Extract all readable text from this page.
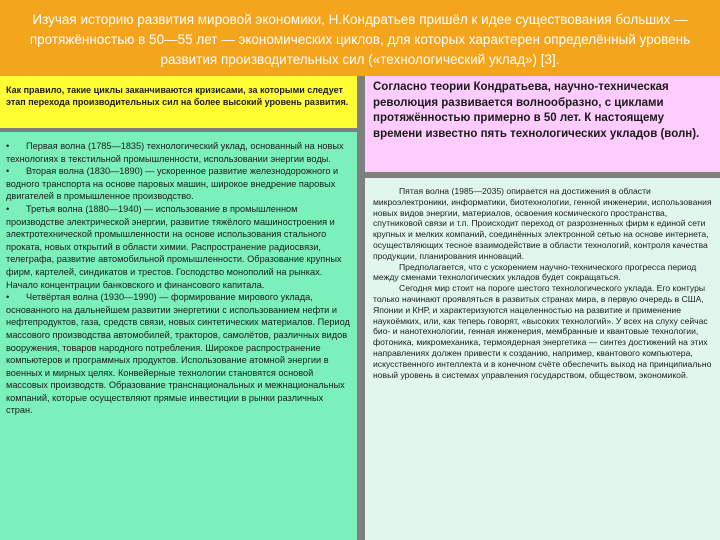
Изучая историю развития мировой экономики, Н.Кондратьев пришёл к идее существования больших — протяжённостью в 50—55 лет — экономических циклов, для которых характерен определённый уровень развития производительных сил («технологический уклад») [3].

Как правило, такие циклы заканчиваются кризисами, за которыми следует этап перехода производительных сил на более высокий уровень развития.

• Первая волна (1785—1835) технологический уклад, основанный на новых технологиях в текстильной промышленности, использовании энергии воды.

• Вторая волна (1830—1890) — ускоренное развитие железнодорожного и водного транспорта на основе паровых машин, широкое внедрение паровых двигателей в промышленное производство.

• Третья волна (1880—1940) — использование в промышленном производстве электрической энергии, развитие тяжёлого машиностроения и электротехнической промышленности на основе использования стального проката, новых открытий в области химии. Распространение радиосвязи, телеграфа, развитие автомобильной промышленности. Образование крупных фирм, картелей, синдикатов и трестов. Господство монополий на рынках. Начало концентрации банковского и финансового капитала.

• Четвёртая волна (1930—1990) — формирование мирового уклада, основанного на дальнейшем развитии энергетики с использованием нефти и нефтепродуктов, газа, средств связи, новых синтетических материалов. Период массового производства автомобилей, тракторов, самолётов, различных видов вооружения, товаров народного потребления. Широкое распространение компьютеров и программных продуктов. Использование атомной энергии в военных и мирных целях. Конвейерные технологии становятся основой массовых производств. Образование транснациональных и межнациональных компаний, которые осуществляют прямые инвестиции в рынки различных стран.

Согласно теории Кондратьева, научно-техническая революция развивается волнообразно, с циклами протяжённостью примерно в 50 лет. К настоящему времени известно пять технологических укладов (волн).

Пятая волна (1985—2035) опирается на достижения в области микроэлектроники, информатики, биотехнологии, генной инженерии, использования новых видов энергии, материалов, освоения космического пространства, спутниковой связи и т.п. Происходит переход от разрозненных фирм к единой сети крупных и мелких компаний, соединённых электронной сетью на основе интернета, осуществляющих тесное взаимодействие в области технологий, контроля качества продукции, планирования инноваций.

Предполагается, что с ускорением научно-технического прогресса период между сменами технологических укладов будет сокращаться.

Сегодня мир стоит на пороге шестого технологического уклада. Его контуры только начинают проявляться в развитых странах мира, в первую очередь в США, Японии и КНР, и характеризуются нацеленностью на развитие и применение наукоёмких, или, как теперь говорят, «высоких технологий». У всех на слуху сейчас био- и нанотехнологии, генная инженерия, мембранные и квантовые технологии, фотоника, микромеханика, термоядерная энергетика — синтез достижений на этих направлениях должен привести к созданию, например, квантового компьютера, искусственного интеллекта и в конечном счёте обеспечить выход на принципиально новый уровень в системах управления государством, обществом, экономикой.
